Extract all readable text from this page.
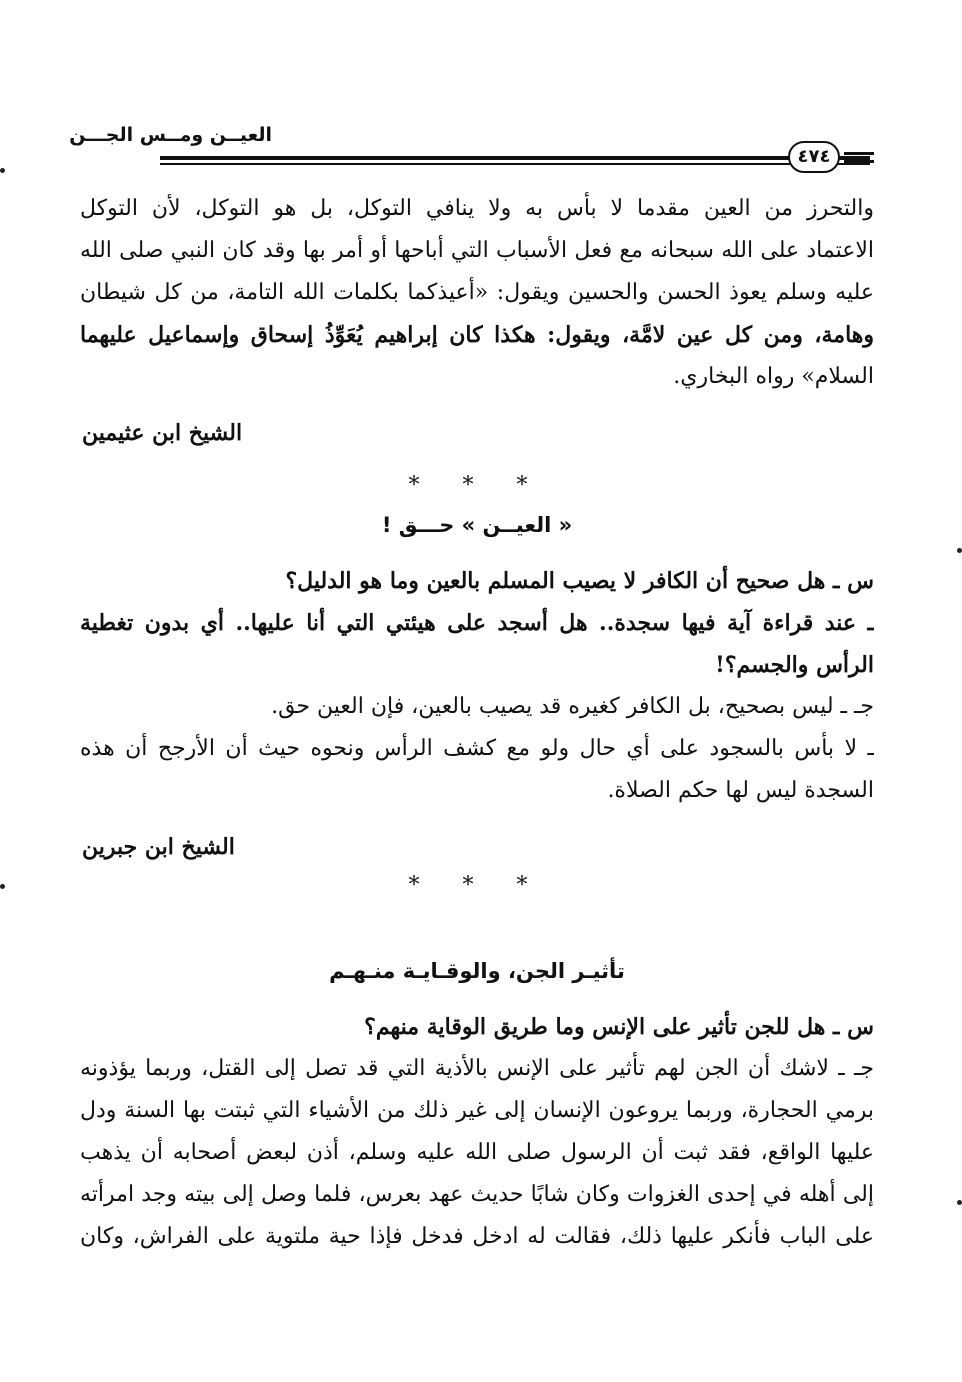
العيــن ومــس الجـــن
٤٧٤
والتحرز من العين مقدما لا بأس به ولا ينافي التوكل، بل هو التوكل، لأن التوكل
الاعتماد على الله سبحانه مع فعل الأسباب التي أباحها أو أمر بها وقد كان النبي صلى الله
عليه وسلم يعوذ الحسن والحسين ويقول: «أعيذكما بكلمات الله التامة، من كل شيطان
وهامة، ومن كل عين لامَّة، ويقول: هكذا كان إبراهيم يُعَوِّذُ إسحاق وإسماعيل عليهما
السلام» رواه البخاري.
الشيخ ابن عثيمين
* * *
« العيــن » حـــق !
س ـ هل صحيح أن الكافر لا يصيب المسلم بالعين وما هو الدليل؟
ـ عند قراءة آية فيها سجدة.. هل أسجد على هيئتي التي أنا عليها.. أي بدون تغطية
الرأس والجسم؟!
جـ ـ ليس بصحيح، بل الكافر كغيره قد يصيب بالعين، فإن العين حق.
ـ لا بأس بالسجود على أي حال ولو مع كشف الرأس ونحوه حيث أن الأرجح أن هذه
السجدة ليس لها حكم الصلاة.
الشيخ ابن جبرين
* * *
تأثيـر الجن، والوقـايـة منـهـم
س ـ هل للجن تأثير على الإنس وما طريق الوقاية منهم؟
جـ ـ لاشك أن الجن لهم تأثير على الإنس بالأذية التي قد تصل إلى القتل، وربما يؤذونه
برمي الحجارة، وربما يروعون الإنسان إلى غير ذلك من الأشياء التي ثبتت بها السنة ودل
عليها الواقع، فقد ثبت أن الرسول صلى الله عليه وسلم، أذن لبعض أصحابه أن يذهب
إلى أهله في إحدى الغزوات وكان شابًا حديث عهد بعرس، فلما وصل إلى بيته وجد امرأته
على الباب فأنكر عليها ذلك، فقالت له ادخل فدخل فإذا حية ملتوية على الفراش، وكان
